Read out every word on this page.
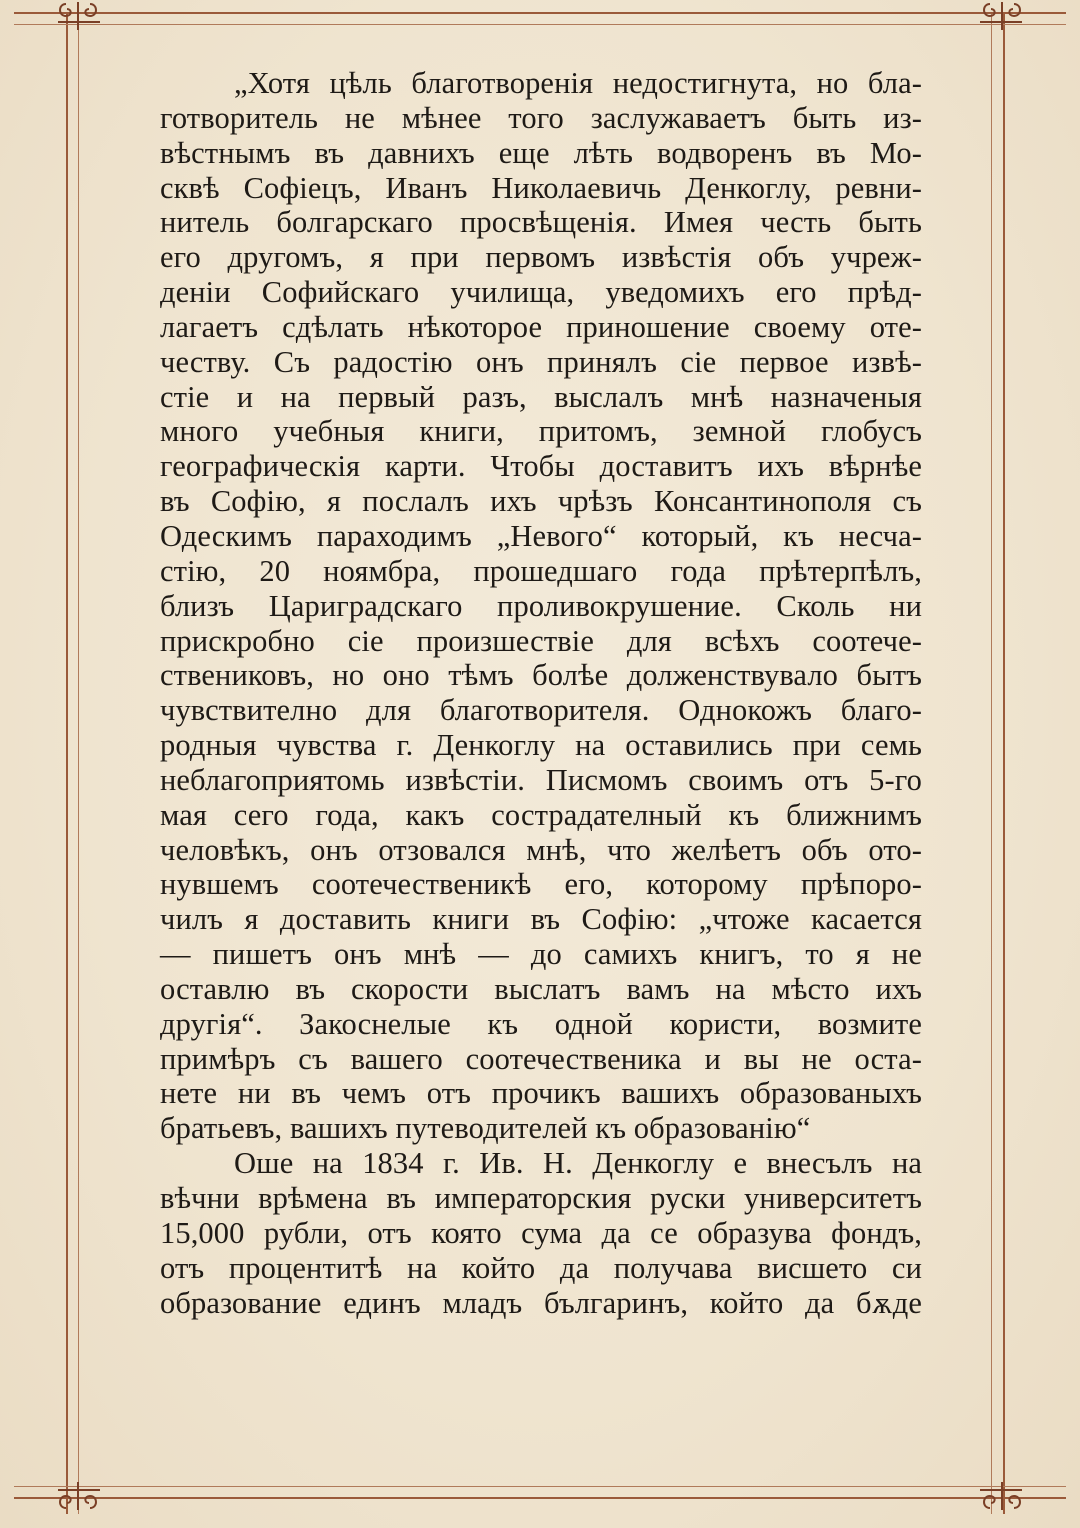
„Хотя цѣль благотворенія недостигнута, но бла-
готворитель не мѣнее того заслужаваетъ быть из-
вѣстнымъ въ давнихъ еще лѣть водворенъ въ Мо-
сквѣ Софіецъ, Иванъ Николаевичь Денкоглу, ревни-
нитель болгарскаго просвѣщенія. Имея честь быть
его другомъ, я при первомъ извѣстія объ учреж-
деніи Софийскаго училища, уведомихъ его прѣд-
лагаетъ сдѣлать нѣкоторое приношение своему оте-
честву. Съ радостію онъ принялъ сіе первое извѣ-
стіе и на первый разъ, выслалъ мнѣ назначеныя
много учебныя книги, притомъ, земной глобусъ
географическія карти. Чтобы доставитъ ихъ вѣрнѣе
въ Софію, я послалъ ихъ чрѣзъ Консантинополя съ
Одескимъ параходимъ „Невого“ который, къ несча-
стію, 20 ноямбра, прошедшаго года прѣтерпѣлъ,
близъ Цариградскаго проливокрушение. Сколь ни
прискробно сіе произшествіе для всѣхъ соотече-
ствениковъ, но оно тѣмъ болѣе долженствувало бытъ
чувствително для благотворителя. Однокожъ благо-
родныя чувства г. Денкоглу на оставились при семь
неблагоприятомь извѣстіи. Писмомъ своимъ отъ 5-го
мая сего года, какъ сострадателный къ ближнимъ
человѣкъ, онъ отзовался мнѣ, что желѣетъ объ ото-
нувшемъ соотечественикѣ его, которому прѣпоро-
чилъ я доставить книги въ Софію: „чтоже касается
— пишетъ онъ мнѣ — до самихъ книгъ, то я не
оставлю въ скорости выслатъ вамъ на мѣсто ихъ
другія“. Закоснелые къ одной користи, возмите
примѣръ съ вашего соотечественика и вы не оста-
нете ни въ чемъ отъ прочикъ вашихъ образованыхъ
братьевъ, вашихъ путеводителей къ образованію“
Оше на 1834 г. Ив. Н. Денкоглу е внесълъ на
вѣчни врѣмена въ императорския руски университетъ
15,000 рубли, отъ която сума да се образува фондъ,
отъ процентитѣ на който да получава висшето си
образование единъ младъ българинъ, който да бѫде
